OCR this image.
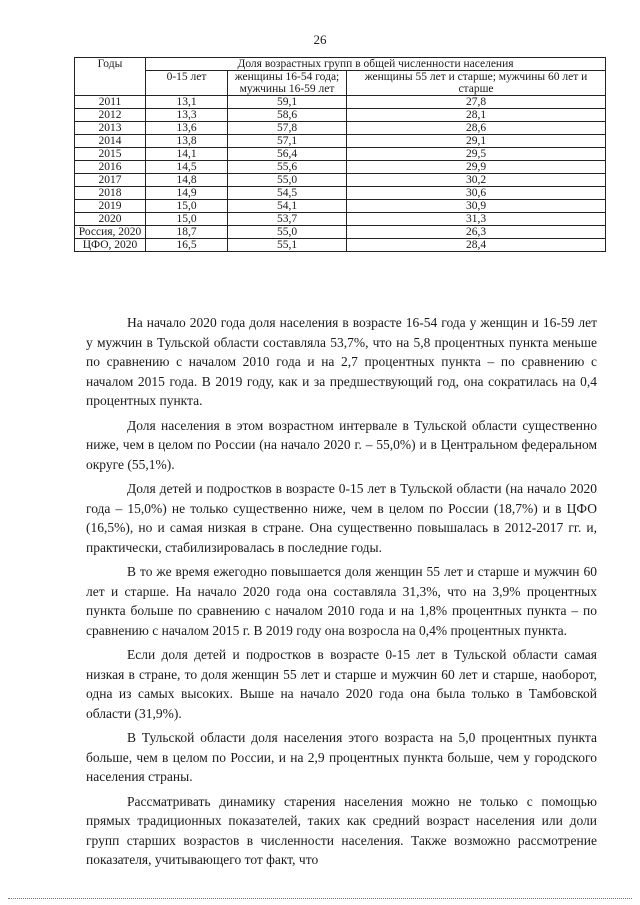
26
Годы	Доля возрастных групп в общей численности населения		
	0-15 лет	женщины 16-54 года; мужчины 16-59 лет	женщины 55 лет и старше; мужчины 60 лет и старше
2011	13,1	59,1	27,8
2012	13,3	58,6	28,1
2013	13,6	57,8	28,6
2014	13,8	57,1	29,1
2015	14,1	56,4	29,5
2016	14,5	55,6	29,9
2017	14,8	55,0	30,2
2018	14,9	54,5	30,6
2019	15,0	54,1	30,9
2020	15,0	53,7	31,3
Россия, 2020	18,7	55,0	26,3
ЦФО, 2020	16,5	55,1	28,4

На начало 2020 года доля населения в возрасте 16-54 года у женщин и 16-59 лет у мужчин в Тульской области составляла 53,7%, что на 5,8 процентных пункта меньше по сравнению с началом 2010 года и на 2,7 процентных пункта – по сравнению с началом 2015 года. В 2019 году, как и за предшествующий год, она сократилась на 0,4 процентных пункта.

Доля населения в этом возрастном интервале в Тульской области существенно ниже, чем в целом по России (на начало 2020 г. – 55,0%) и в Центральном федеральном округе (55,1%).

Доля детей и подростков в возрасте 0-15 лет в Тульской области (на начало 2020 года – 15,0%) не только существенно ниже, чем в целом по России (18,7%) и в ЦФО (16,5%), но и самая низкая в стране. Она существенно повышалась в 2012-2017 гг. и, практически, стабилизировалась в последние годы.

В то же время ежегодно повышается доля женщин 55 лет и старше и мужчин 60 лет и старше. На начало 2020 года она составляла 31,3%, что на 3,9% процентных пункта больше по сравнению с началом 2010 года и на 1,8% процентных пункта – по сравнению с началом 2015 г. В 2019 году она возросла на 0,4% процентных пункта.

Если доля детей и подростков в возрасте 0-15 лет в Тульской области самая низкая в стране, то доля женщин 55 лет и старше и мужчин 60 лет и старше, наоборот, одна из самых высоких. Выше на начало 2020 года она была только в Тамбовской области (31,9%).

В Тульской области доля населения этого возраста на 5,0 процентных пункта больше, чем в целом по России, и на 2,9 процентных пункта больше, чем у городского населения страны.

Рассматривать динамику старения населения можно не только с помощью прямых традиционных показателей, таких как средний возраст населения или доли групп старших возрастов в численности населения. Также возможно рассмотрение показателя, учитывающего тот факт, что
